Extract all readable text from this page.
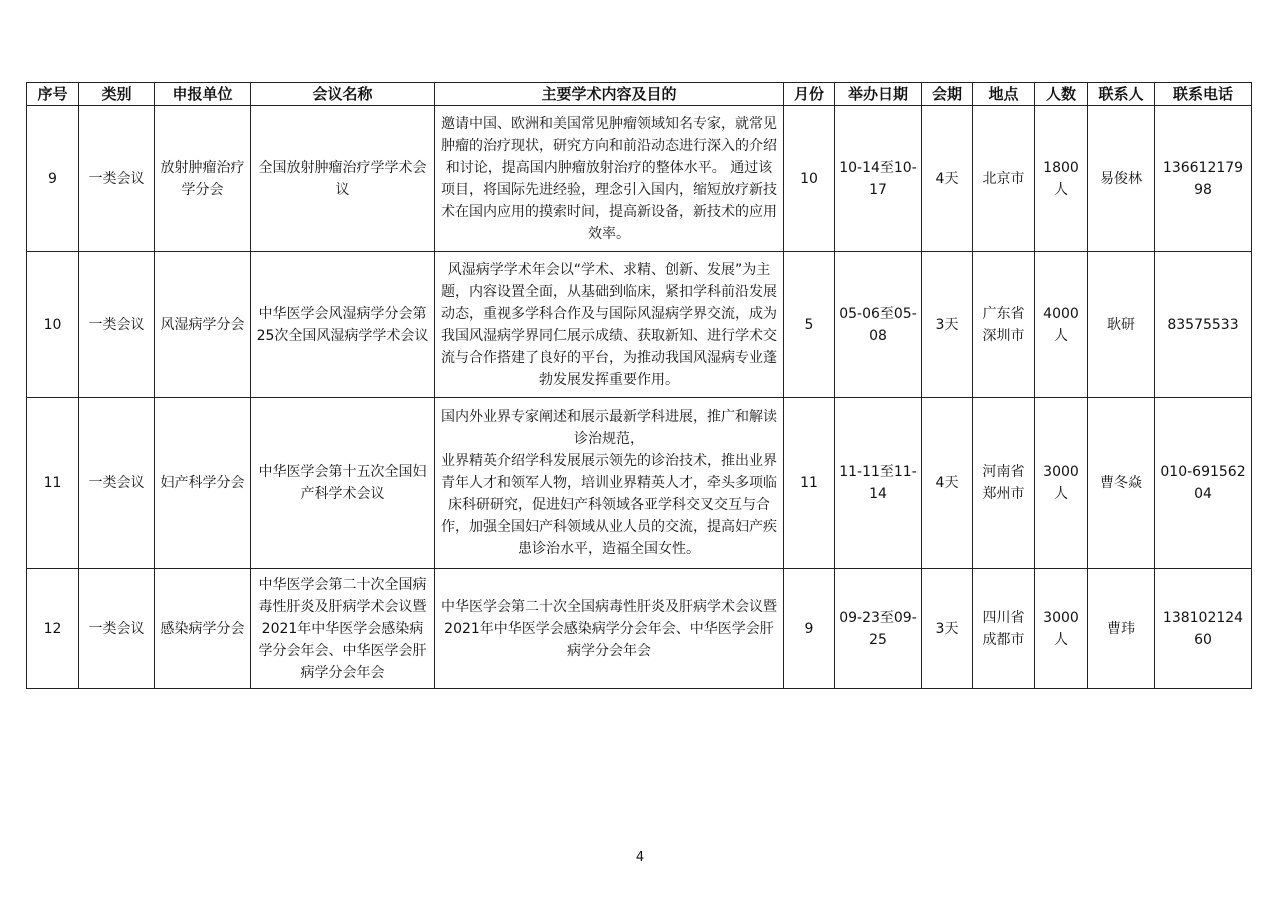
序号	类别	申报单位	会议名称	主要学术内容及目的	月份	举办日期	会期	地点	人数	联系人	联系电话
9	一类会议	放射肿瘤治疗学分会	全国放射肿瘤治疗学学术会议	邀请中国、欧洲和美国常见肿瘤领域知名专家，就常见肿瘤的治疗现状，研究方向和前沿动态进行深入的介绍和讨论，提高国内肿瘤放射治疗的整体水平。 通过该项目，将国际先进经验，理念引入国内，缩短放疗新技术在国内应用的摸索时间，提高新设备，新技术的应用效率。	10	10-14至10-17	4天	北京市	1800人	易俊林	13661217998
10	一类会议	风湿病学分会	中华医学会风湿病学分会第25次全国风湿病学学术会议	风湿病学学术年会以“学术、求精、创新、发展”为主题，内容设置全面，从基础到临床，紧扣学科前沿发展动态，重视多学科合作及与国际风湿病学界交流，成为我国风湿病学界同仁展示成绩、获取新知、进行学术交流与合作搭建了良好的平台，为推动我国风湿病专业蓬勃发展发挥重要作用。	5	05-06至05-08	3天	广东省深圳市	4000人	耿研	83575533
11	一类会议	妇产科学分会	中华医学会第十五次全国妇产科学术会议	国内外业界专家阐述和展示最新学科进展，推广和解读诊治规范，
业界精英介绍学科发展展示领先的诊治技术，推出业界青年人才和领军人物，培训业界精英人才，牵头多项临床科研研究，促进妇产科领域各亚学科交叉交互与合作，加强全国妇产科领域从业人员的交流，提高妇产疾患诊治水平，造福全国女性。	11	11-11至11-14	4天	河南省郑州市	3000人	曹冬焱	010-69156204
12	一类会议	感染病学分会	中华医学会第二十次全国病毒性肝炎及肝病学术会议暨2021年中华医学会感染病学分会年会、中华医学会肝病学分会年会	中华医学会第二十次全国病毒性肝炎及肝病学术会议暨2021年中华医学会感染病学分会年会、中华医学会肝病学分会年会	9	09-23至09-25	3天	四川省成都市	3000人	曹玮	13810212460
4
